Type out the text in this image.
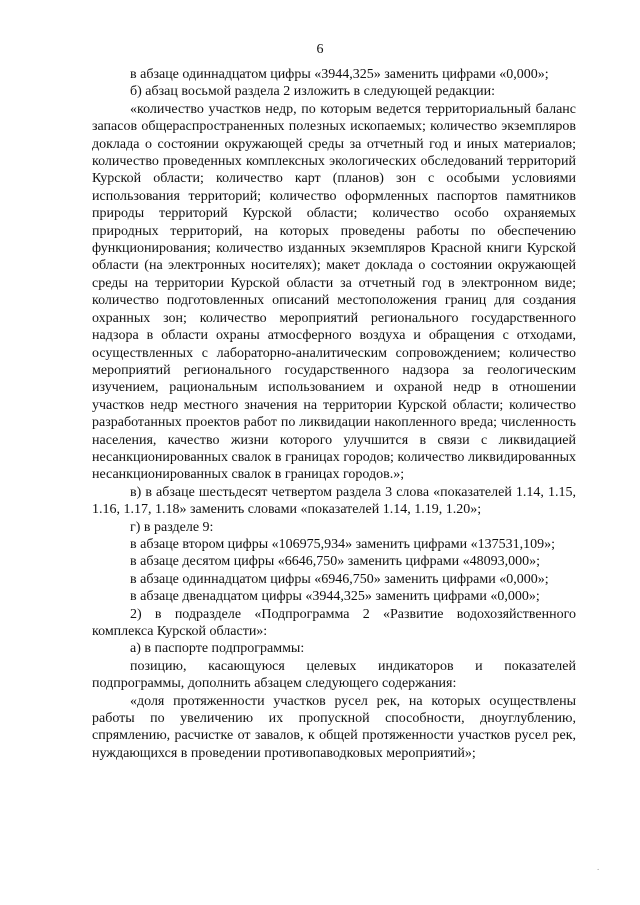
6

в абзаце одиннадцатом цифры «3944,325» заменить цифрами «0,000»;

б) абзац восьмой раздела 2 изложить в следующей редакции:

«количество участков недр, по которым ведется территориальный баланс запасов общераспространенных полезных ископаемых; количество экземпляров доклада о состоянии окружающей среды за отчетный год и иных материалов; количество проведенных комплексных экологических обследований территорий Курской области; количество карт (планов) зон с особыми условиями использования территорий; количество оформленных паспортов памятников природы территорий Курской области; количество особо охраняемых природных территорий, на которых проведены работы по обеспечению функционирования; количество изданных экземпляров Красной книги Курской области (на электронных носителях); макет доклада о состоянии окружающей среды на территории Курской области за отчетный год в электронном виде; количество подготовленных описаний местоположения границ для создания охранных зон; количество мероприятий регионального государственного надзора в области охраны атмосферного воздуха и обращения с отходами, осуществленных с лабораторно-аналитическим сопровождением; количество мероприятий регионального государственного надзора за геологическим изучением, рациональным использованием и охраной недр в отношении участков недр местного значения на территории Курской области; количество разработанных проектов работ по ликвидации накопленного вреда; численность населения, качество жизни которого улучшится в связи с ликвидацией несанкционированных свалок в границах городов; количество ликвидированных несанкционированных свалок в границах городов.»;

в) в абзаце шестьдесят четвертом раздела 3 слова «показателей 1.14, 1.15, 1.16, 1.17, 1.18» заменить словами «показателей 1.14, 1.19, 1.20»;

г) в разделе 9:

в абзаце втором цифры «106975,934» заменить цифрами «137531,109»;

в абзаце десятом цифры «6646,750» заменить цифрами «48093,000»;

в абзаце одиннадцатом цифры «6946,750» заменить цифрами «0,000»;

в абзаце двенадцатом цифры «3944,325» заменить цифрами «0,000»;

2) в подразделе «Подпрограмма 2 «Развитие водохозяйственного комплекса Курской области»:

а) в паспорте подпрограммы:

позицию, касающуюся целевых индикаторов и показателей подпрограммы, дополнить абзацем следующего содержания:

«доля протяженности участков русел рек, на которых осуществлены работы по увеличению их пропускной способности, дноуглублению, спрямлению, расчистке от завалов, к общей протяженности участков русел рек, нуждающихся в проведении противопаводковых мероприятий»;

.
